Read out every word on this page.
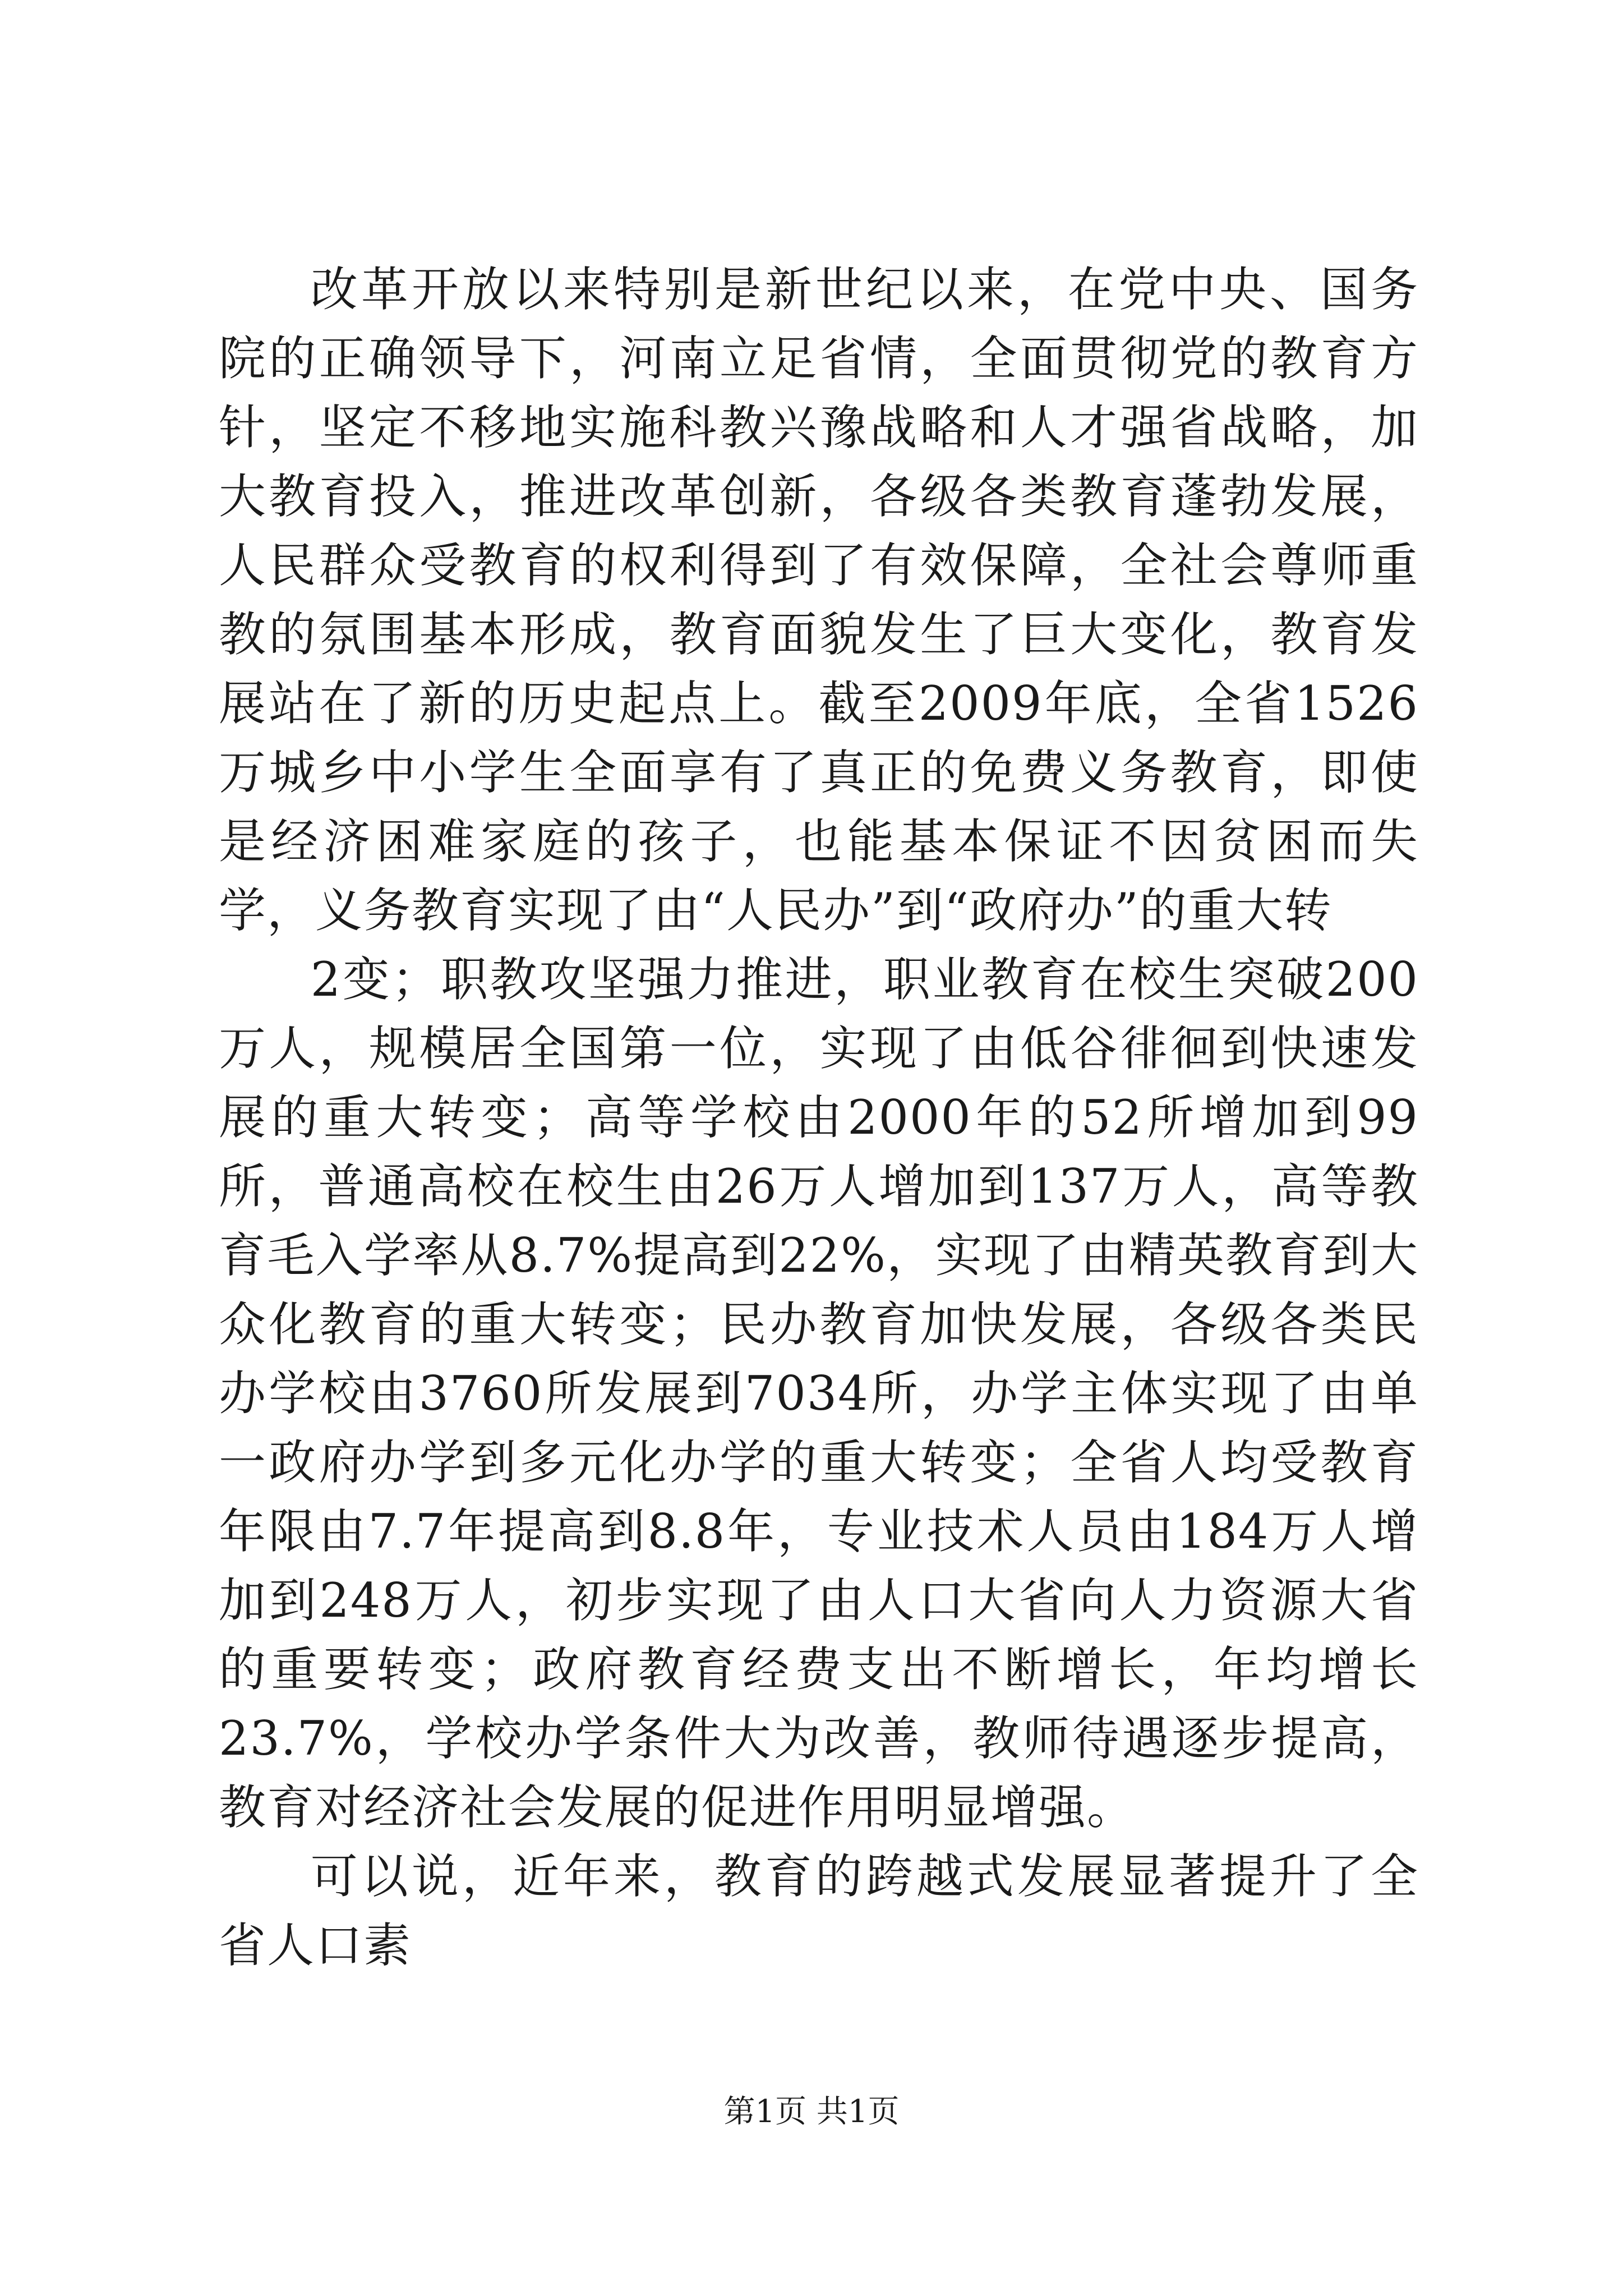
改革开放以来特别是新世纪以来，在党中央、国务院的正确领导下，河南立足省情，全面贯彻党的教育方针，坚定不移地实施科教兴豫战略和人才强省战略，加大教育投入，推进改革创新，各级各类教育蓬勃发展，人民群众受教育的权利得到了有效保障，全社会尊师重教的氛围基本形成，教育面貌发生了巨大变化，教育发展站在了新的历史起点上。截至2009年底，全省1526万城乡中小学生全面享有了真正的免费义务教育，即使是经济困难家庭的孩子，也能基本保证不因贫困而失学，义务教育实现了由“人民办”到“政府办”的重大转

2变；职教攻坚强力推进，职业教育在校生突破200万人，规模居全国第一位，实现了由低谷徘徊到快速发展的重大转变；高等学校由2000年的52所增加到99所，普通高校在校生由26万人增加到137万人，高等教育毛入学率从8.7%提高到22%，实现了由精英教育到大众化教育的重大转变；民办教育加快发展，各级各类民办学校由3760所发展到7034所，办学主体实现了由单一政府办学到多元化办学的重大转变；全省人均受教育年限由7.7年提高到8.8年，专业技术人员由184万人增加到248万人，初步实现了由人口大省向人力资源大省的重要转变；政府教育经费支出不断增长，年均增长23.7%，学校办学条件大为改善，教师待遇逐步提高，教育对经济社会发展的促进作用明显增强。

可以说，近年来，教育的跨越式发展显著提升了全省人口素

第1页 共1页
